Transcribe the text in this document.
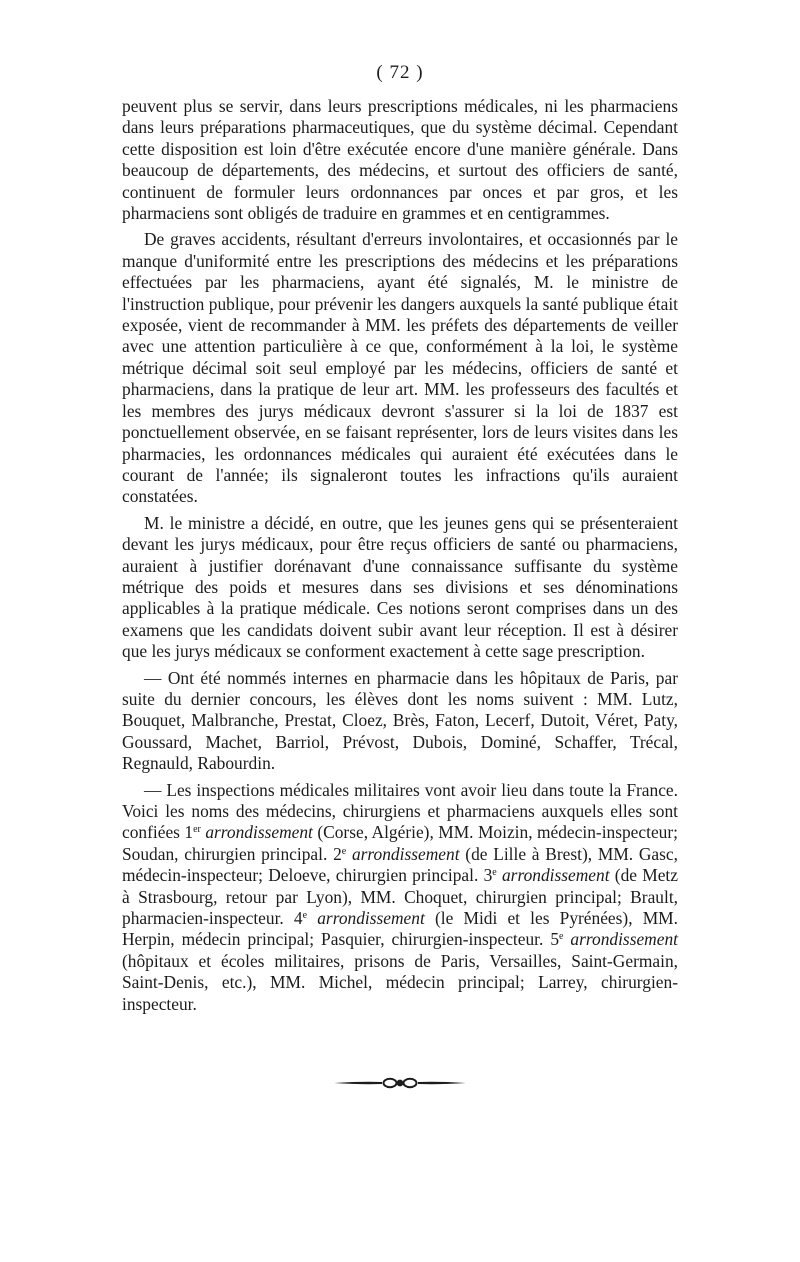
( 72 )

peuvent plus se servir, dans leurs prescriptions médicales, ni les pharmaciens dans leurs préparations pharmaceutiques, que du système décimal. Cependant cette disposition est loin d'être exécutée encore d'une manière générale. Dans beaucoup de départements, des médecins, et surtout des officiers de santé, continuent de formuler leurs ordonnances par onces et par gros, et les pharmaciens sont obligés de traduire en grammes et en centigrammes.

De graves accidents, résultant d'erreurs involontaires, et occasionnés par le manque d'uniformité entre les prescriptions des médecins et les préparations effectuées par les pharmaciens, ayant été signalés, M. le ministre de l'instruction publique, pour prévenir les dangers auxquels la santé publique était exposée, vient de recommander à MM. les préfets des départements de veiller avec une attention particulière à ce que, conformément à la loi, le système métrique décimal soit seul employé par les médecins, officiers de santé et pharmaciens, dans la pratique de leur art. MM. les professeurs des facultés et les membres des jurys médicaux devront s'assurer si la loi de 1837 est ponctuellement observée, en se faisant représenter, lors de leurs visites dans les pharmacies, les ordonnances médicales qui auraient été exécutées dans le courant de l'année; ils signaleront toutes les infractions qu'ils auraient constatées.

M. le ministre a décidé, en outre, que les jeunes gens qui se présenteraient devant les jurys médicaux, pour être reçus officiers de santé ou pharmaciens, auraient à justifier dorénavant d'une connaissance suffisante du système métrique des poids et mesures dans ses divisions et ses dénominations applicables à la pratique médicale. Ces notions seront comprises dans un des examens que les candidats doivent subir avant leur réception. Il est à désirer que les jurys médicaux se conforment exactement à cette sage prescription.

— Ont été nommés internes en pharmacie dans les hôpitaux de Paris, par suite du dernier concours, les élèves dont les noms suivent : MM. Lutz, Bouquet, Malbranche, Prestat, Cloez, Brès, Faton, Lecerf, Dutoit, Véret, Paty, Goussard, Machet, Barriol, Prévost, Dubois, Dominé, Schaffer, Trécal, Regnauld, Rabourdin.

— Les inspections médicales militaires vont avoir lieu dans toute la France. Voici les noms des médecins, chirurgiens et pharmaciens auxquels elles sont confiées 1er arrondissement (Corse, Algérie), MM. Moizin, médecin-inspecteur; Soudan, chirurgien principal. 2e arrondissement (de Lille à Brest), MM. Gasc, médecin-inspecteur; Deloeve, chirurgien principal. 3e arrondissement (de Metz à Strasbourg, retour par Lyon), MM. Choquet, chirurgien principal; Brault, pharmacien-inspecteur. 4e arrondissement (le Midi et les Pyrénées), MM. Herpin, médecin principal; Pasquier, chirurgien-inspecteur. 5e arrondissement (hôpitaux et écoles militaires, prisons de Paris, Versailles, Saint-Germain, Saint-Denis, etc.), MM. Michel, médecin principal; Larrey, chirurgien-inspecteur.
